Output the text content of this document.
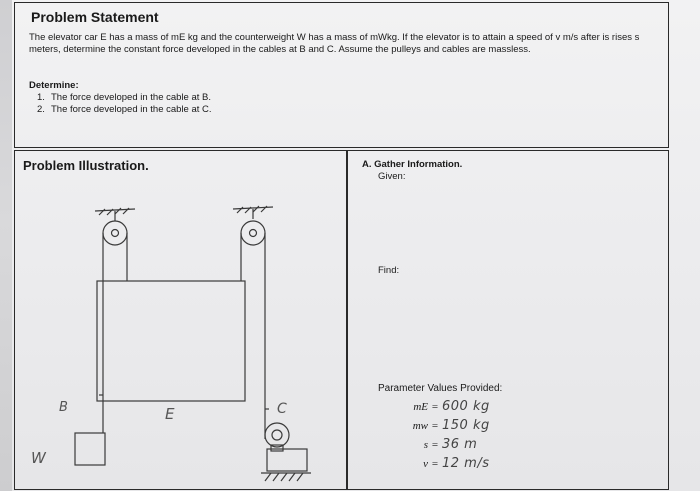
Problem Statement
The elevator car E has a mass of mE kg and the counterweight W has a mass of mWkg. If the elevator is to attain a speed of v m/s after is rises s meters, determine the constant force developed in the cables at B and C. Assume the pulleys and cables are massless.
Determine:
1. The force developed in the cable at B.
2. The force developed in the cable at C.
Problem Illustration.
B	E	C
W
A. Gather Information.
Given:
Find:
Parameter Values Provided:
mE = 600 kg
mw = 150 kg
s = 36 m
v = 12 m/s
